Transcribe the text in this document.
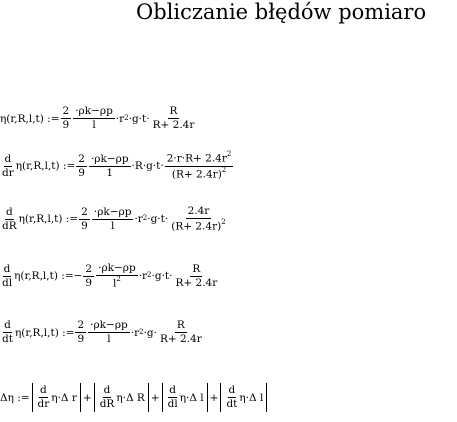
Obliczanie błędów pomiaro
η(r,R,l,t) := $\frac{2}{9} \frac{\cdot\rho k-\rho p}{l} \cdot r$ $2 \cdot g\cdot t\cdot \frac{R}{R+ 2.4r}$
$\frac{d}{dr} \eta(r,R,l,t)$ := $\frac{2}{9} \frac{\cdot\rho k-\rho p}{1} \cdot R\cdot g\cdot t\cdot \frac{2\cdot r\cdot R+ 2.4r^2}{(R+ 2.4r)^2}$
$\frac{d}{dR} \eta(r,R,l,t)$ := $\frac{2}{9} \frac{\cdot\rho k-\rho p}{l} \cdot r$ $2 \cdot g\cdot t\cdot \frac{2.4r}{(R+ 2.4r)^2}$
$\frac{d}{dl} \eta(r,R,l,t)$ :=− $\frac{2}{9} \frac{\cdot\rho k-\rho p}{l^2} \cdot r$ $2 \cdot g\cdot t\cdot \frac{R}{R+ 2.4r}$
$\frac{d}{dt} \eta(r,R,l,t)$ := $\frac{2}{9} \frac{\cdot\rho k-\rho p}{l} \cdot r$ $2 \cdot g\cdot \frac{R}{R+ 2.4r}$
Δη := $\frac{d}{dr} \eta\cdot\Delta$ $r + \frac{d}{dR} \eta\cdot\Delta$ $R + \frac{d}{dl} \eta\cdot\Delta$ $l + \frac{d}{dt} \eta\cdot\Delta$ l
